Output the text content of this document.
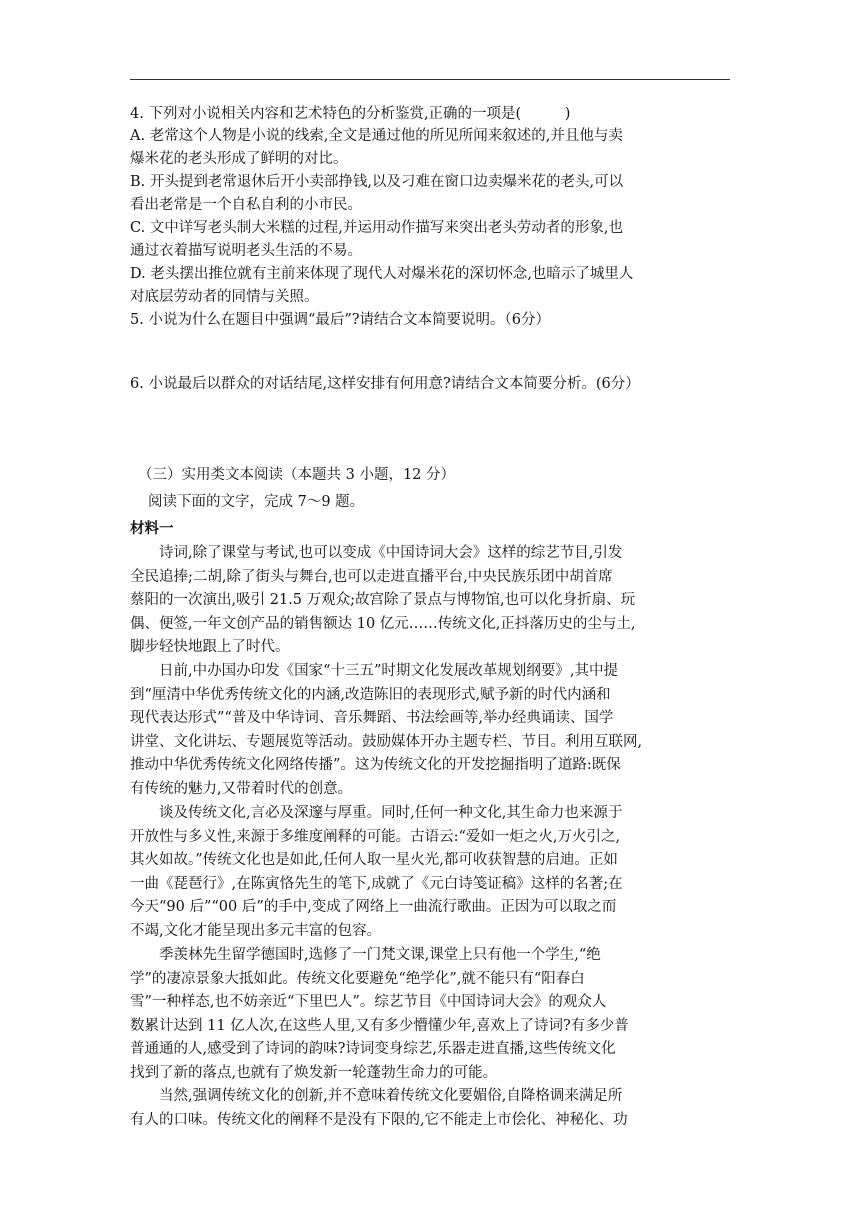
4. 下列对小说相关内容和艺术特色的分析鉴赏,正确的一项是(　　　)
A. 老常这个人物是小说的线索,全文是通过他的所见所闻来叙述的,并且他与卖
爆米花的老头形成了鲜明的对比。
B. 开头提到老常退休后开小卖部挣钱,以及刁难在窗口边卖爆米花的老头,可以
看出老常是一个自私自利的小市民。
C. 文中详写老头制大米糕的过程,并运用动作描写来突出老头劳动者的形象,也
通过衣着描写说明老头生活的不易。
D. 老头摆出推位就有主前来体现了现代人对爆米花的深切怀念,也暗示了城里人
对底层劳动者的同情与关照。
5. 小说为什么在题目中强调“最后”?请结合文本简要说明。（6分）
6. 小说最后以群众的对话结尾,这样安排有何用意?请结合文本简要分析。(6分）
（三）实用类文本阅读（本题共 3 小题，12 分）
阅读下面的文字，完成 7～9 题。
材料一
　　诗词,除了课堂与考试,也可以变成《中国诗词大会》这样的综艺节目,引发
全民追捧;二胡,除了街头与舞台,也可以走进直播平台,中央民族乐团中胡首席
蔡阳的一次演出,吸引 21.5 万观众;故宫除了景点与博物馆,也可以化身折扇、玩
偶、便签,一年文创产品的销售额达 10 亿元……传统文化,正抖落历史的尘与土,
脚步轻快地跟上了时代。
　　日前,中办国办印发《国家“十三五”时期文化发展改革规划纲要》,其中提
到“厘清中华优秀传统文化的内涵,改造陈旧的表现形式,赋予新的时代内涵和
现代表达形式”“普及中华诗词、音乐舞蹈、书法绘画等,举办经典诵读、国学
讲堂、文化讲坛、专题展览等活动。鼓励媒体开办主题专栏、节目。利用互联网,
推动中华优秀传统文化网络传播”。这为传统文化的开发挖掘指明了道路:既保
有传统的魅力,又带着时代的创意。
　　谈及传统文化,言必及深邃与厚重。同时,任何一种文化,其生命力也来源于
开放性与多义性,来源于多维度阐释的可能。古语云:“爱如一炬之火,万火引之,
其火如故。”传统文化也是如此,任何人取一星火光,都可收获智慧的启迪。正如
一曲《琵琶行》,在陈寅恪先生的笔下,成就了《元白诗笺证稿》这样的名著;在
今天“90 后”“00 后”的手中,变成了网络上一曲流行歌曲。正因为可以取之而
不竭,文化才能呈现出多元丰富的包容。
　　季羡林先生留学德国时,选修了一门梵文课,课堂上只有他一个学生,“绝
学”的凄凉景象大抵如此。传统文化要避免“绝学化”,就不能只有“阳春白
雪”一种样态,也不妨亲近“下里巴人”。综艺节目《中国诗词大会》的观众人
数累计达到 11 亿人次,在这些人里,又有多少懵懂少年,喜欢上了诗词?有多少普
普通通的人,感受到了诗词的韵味?诗词变身综艺,乐器走进直播,这些传统文化
找到了新的落点,也就有了焕发新一轮蓬勃生命力的可能。
　　当然,强调传统文化的创新,并不意味着传统文化要媚俗,自降格调来满足所
有人的口味。传统文化的阐释不是没有下限的,它不能走上市侩化、神秘化、功
